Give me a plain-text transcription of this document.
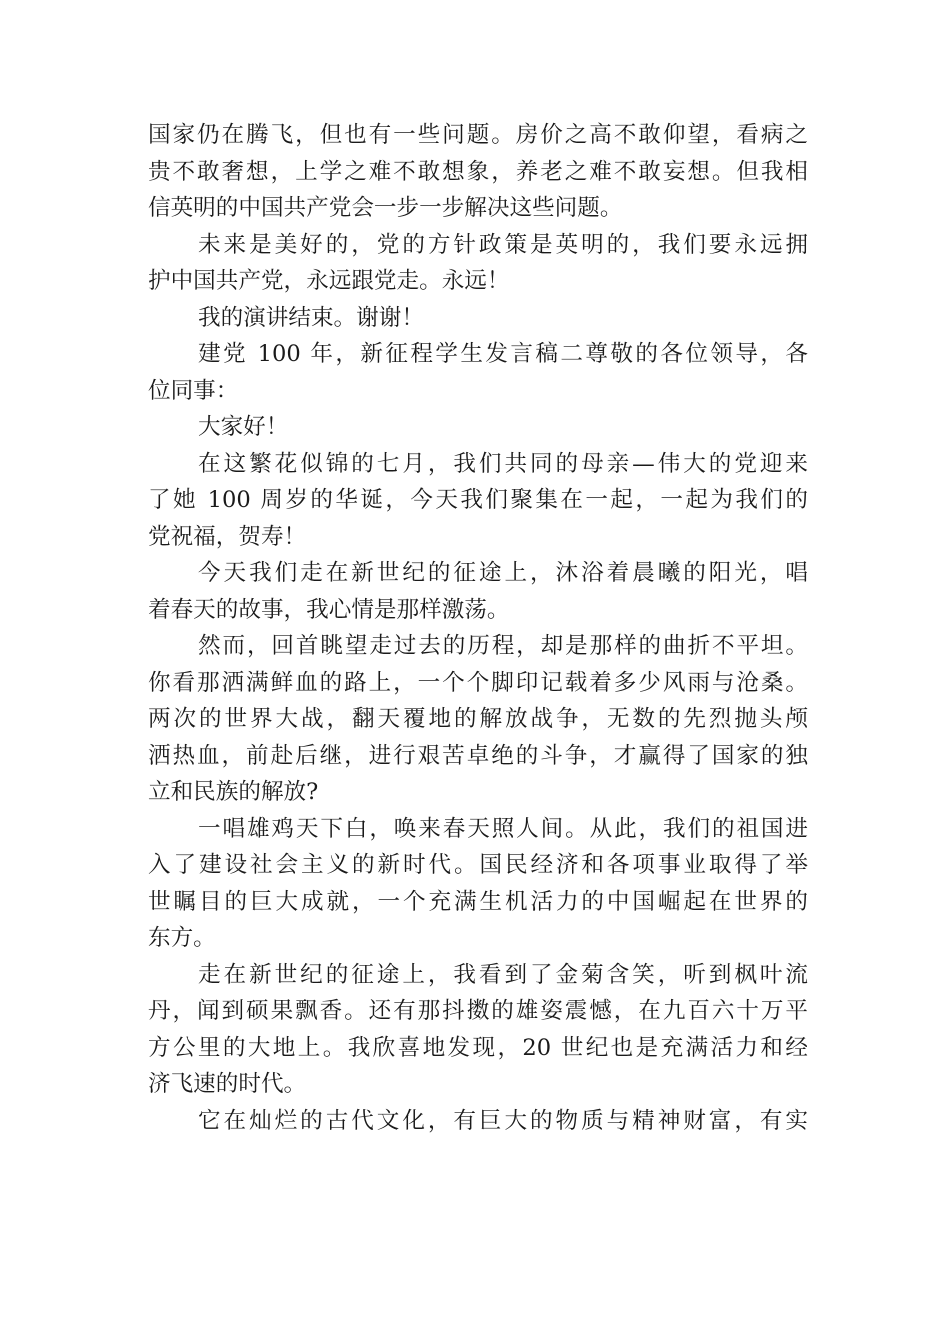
国家仍在腾飞，但也有一些问题。房价之高不敢仰望，看病之
贵不敢奢想，上学之难不敢想象，养老之难不敢妄想。但我相
信英明的中国共产党会一步一步解决这些问题。
未来是美好的，党的方针政策是英明的，我们要永远拥
护中国共产党，永远跟党走。永远！
我的演讲结束。谢谢！
建党 100 年，新征程学生发言稿二尊敬的各位领导，各
位同事：
大家好！
在这繁花似锦的七月，我们共同的母亲—伟大的党迎来
了她 100 周岁的华诞，今天我们聚集在一起，一起为我们的
党祝福，贺寿！
今天我们走在新世纪的征途上，沐浴着晨曦的阳光，唱
着春天的故事，我心情是那样激荡。
然而，回首眺望走过去的历程，却是那样的曲折不平坦。
你看那洒满鲜血的路上，一个个脚印记载着多少风雨与沧桑。
两次的世界大战，翻天覆地的解放战争，无数的先烈抛头颅
洒热血，前赴后继，进行艰苦卓绝的斗争，才赢得了国家的独
立和民族的解放?
一唱雄鸡天下白，唤来春天照人间。从此，我们的祖国进
入了建设社会主义的新时代。国民经济和各项事业取得了举
世瞩目的巨大成就，一个充满生机活力的中国崛起在世界的
东方。
走在新世纪的征途上，我看到了金菊含笑，听到枫叶流
丹，闻到硕果飘香。还有那抖擞的雄姿震憾，在九百六十万平
方公里的大地上。我欣喜地发现，20 世纪也是充满活力和经
济飞速的时代。
它在灿烂的古代文化，有巨大的物质与精神财富，有实
